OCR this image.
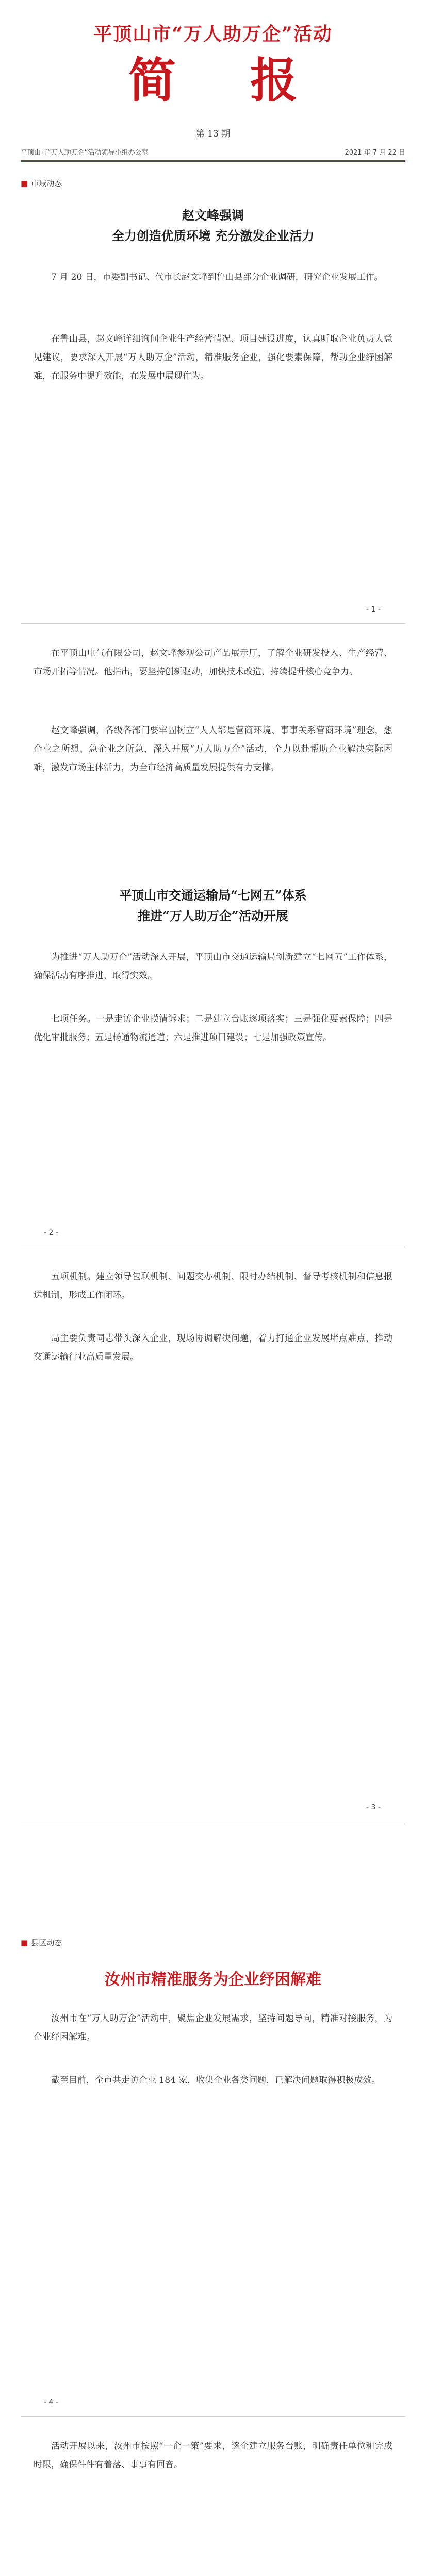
平顶山市“万人助万企”活动
简 报
第 13 期
平顶山市“万人助万企”活动领导小组办公室	2021 年 7 月 22 日
■ 市域动态
赵文峰强调
全力创造优质环境 充分激发企业活力

7 月 20 日，市委副书记、代市长赵文峰到鲁山县部分企业调研，研究企业发展工作。

在鲁山县，赵文峰详细询问企业生产经营情况、项目建设进度，认真听取企业负责人意见建议，要求深入开展“万人助万企”活动，精准服务企业，强化要素保障，帮助企业纾困解难，在服务中提升效能，在发展中展现作为。

- 1 -

在平顶山电气有限公司，赵文峰参观公司产品展示厅，了解企业研发投入、生产经营、市场开拓等情况。他指出，要坚持创新驱动，加快技术改造，持续提升核心竞争力。

赵文峰强调，各级各部门要牢固树立“人人都是营商环境、事事关系营商环境”理念，想企业之所想、急企业之所急，深入开展“万人助万企”活动，全力以赴帮助企业解决实际困难，激发市场主体活力，为全市经济高质量发展提供有力支撑。

平顶山市交通运输局“七网五”体系
推进“万人助万企”活动开展

为推进“万人助万企”活动深入开展，平顶山市交通运输局创新建立“七网五”工作体系，确保活动有序推进、取得实效。

七项任务。一是走访企业摸清诉求；二是建立台账逐项落实；三是强化要素保障；四是优化审批服务；五是畅通物流通道；六是推进项目建设；七是加强政策宣传。

- 2 -

五项机制。建立领导包联机制、问题交办机制、限时办结机制、督导考核机制和信息报送机制，形成工作闭环。

局主要负责同志带头深入企业，现场协调解决问题，着力打通企业发展堵点难点，推动交通运输行业高质量发展。

- 3 -
■ 县区动态
汝州市精准服务为企业纾困解难

汝州市在“万人助万企”活动中，聚焦企业发展需求，坚持问题导向，精准对接服务，为企业纾困解难。

截至目前，全市共走访企业 184 家，收集企业各类问题，已解决问题取得积极成效。

- 4 -

活动开展以来，汝州市按照“一企一策”要求，逐企建立服务台账，明确责任单位和完成时限，确保件件有着落、事事有回音。
